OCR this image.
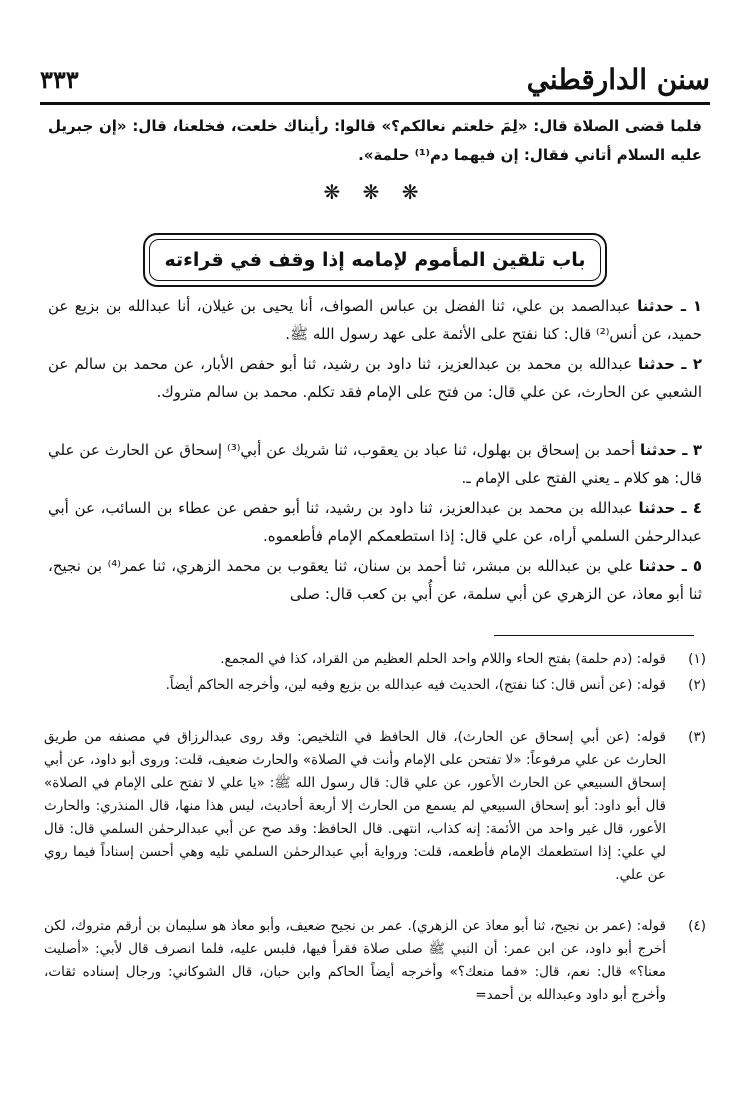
سنن الدارقطني
٣٣٣
فلما قضى الصلاة قال: «لِمَ خلعتم نعالكم؟» قالوا: رأيناك خلعت، فخلعنا، قال: «إن جبريل عليه السلام أتاني فقال: إن فيهما دم⁽¹⁾ حلمة».
❋ ❋ ❋
باب تلقين المأموم لإمامه إذا وقف في قراءته
١ ـ حدثنا عبدالصمد بن علي، ثنا الفضل بن عباس الصواف، أنا يحيى بن غيلان، أنا عبدالله بن بزيع عن حميد، عن أنس⁽²⁾ قال: كنا نفتح على الأئمة على عهد رسول الله ﷺ.
٢ ـ حدثنا عبدالله بن محمد بن عبدالعزيز، ثنا داود بن رشيد، ثنا أبو حفص الأبار، عن محمد بن سالم عن الشعبي عن الحارث، عن علي قال: من فتح على الإمام فقد تكلم. محمد بن سالم متروك.
٣ ـ حدثنا أحمد بن إسحاق بن بهلول، ثنا عباد بن يعقوب، ثنا شريك عن أبي⁽³⁾ إسحاق عن الحارث عن علي قال: هو كلام ـ يعني الفتح على الإمام ـ.
٤ ـ حدثنا عبدالله بن محمد بن عبدالعزيز، ثنا داود بن رشيد، ثنا أبو حفص عن عطاء بن السائب، عن أبي عبدالرحمٰن السلمي أراه، عن علي قال: إذا استطعمكم الإمام فأطعموه.
٥ ـ حدثنا علي بن عبدالله بن مبشر، ثنا أحمد بن سنان، ثنا يعقوب بن محمد الزهري، ثنا عمر⁽⁴⁾ بن نجيح، ثنا أبو معاذ، عن الزهري عن أبي سلمة، عن أُبي بن كعب قال: صلى
(١)
قوله: (دم حلمة) بفتح الحاء واللام واحد الحلم العظيم من القراد، كذا في المجمع.
(٢)
قوله: (عن أنس قال: كنا نفتح)، الحديث فيه عبدالله بن بزيع وفيه لين، وأخرجه الحاكم أيضاً.
(٣)
قوله: (عن أبي إسحاق عن الحارث)، قال الحافظ في التلخيص: وقد روى عبدالرزاق في مصنفه من طريق الحارث عن علي مرفوعاً: «لا تفتحن على الإمام وأنت في الصلاة» والحارث ضعيف، قلت: وروى أبو داود، عن أبي إسحاق السبيعي عن الحارث الأعور، عن علي قال: قال رسول الله ﷺ: «يا علي لا تفتح على الإمام في الصلاة» قال أبو داود: أبو إسحاق السبيعي لم يسمع من الحارث إلا أربعة أحاديث، ليس هذا منها، قال المنذري: والحارث الأعور، قال غير واحد من الأئمة: إنه كذاب، انتهى. قال الحافظ: وقد صح عن أبي عبدالرحمٰن السلمي قال: قال لي علي: إذا استطعمك الإمام فأطعمه، قلت: ورواية أبي عبدالرحمٰن السلمي تليه وهي أحسن إسناداً فيما روي عن علي.
(٤)
قوله: (عمر بن نجيح، ثنا أبو معاذ عن الزهري). عمر بن نجيح ضعيف، وأبو معاذ هو سليمان بن أرقم متروك، لكن أخرج أبو داود، عن ابن عمر: أن النبي ﷺ صلى صلاة فقرأ فيها، فلبس عليه، فلما انصرف قال لأبي: «أصليت معنا؟» قال: نعم، قال: «فما منعك؟» وأخرجه أيضاً الحاكم وابن حبان، قال الشوكاني: ورجال إسناده ثقات، وأخرج أبو داود وعبدالله بن أحمد=
